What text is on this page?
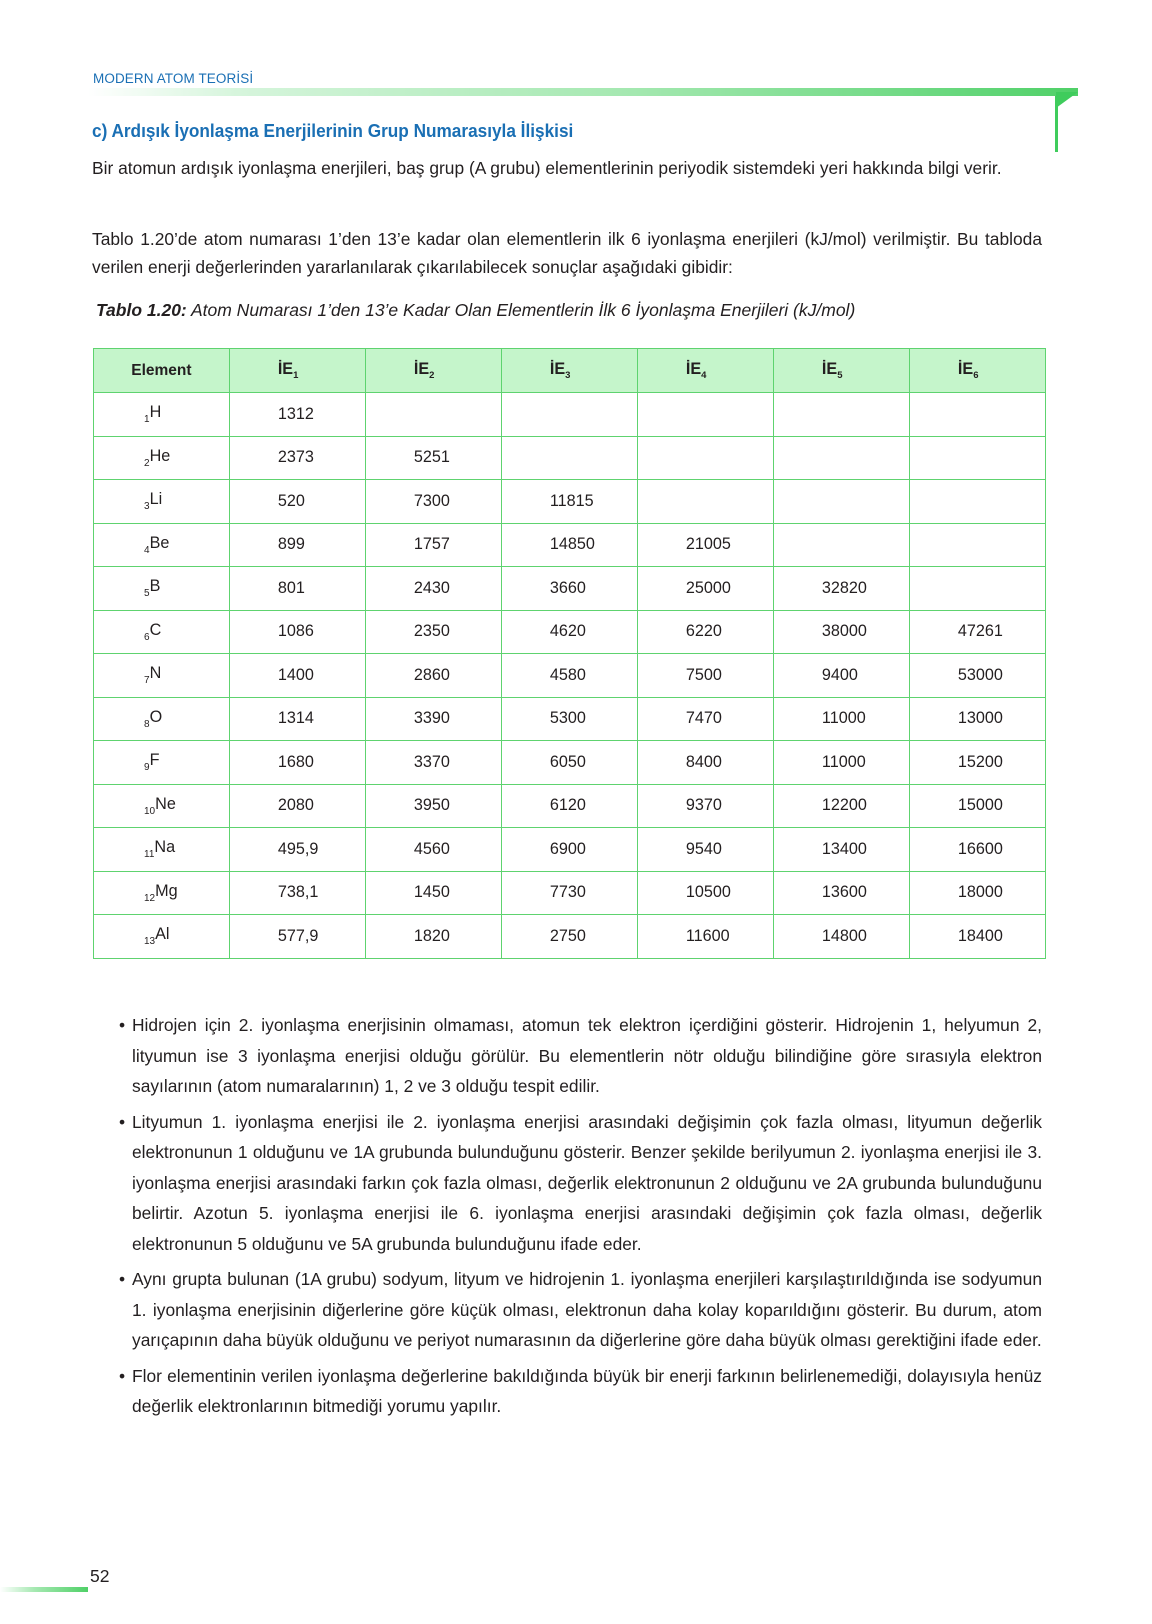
MODERN ATOM TEORİSİ
c) Ardışık İyonlaşma Enerjilerinin Grup Numarasıyla İlişkisi
Bir atomun ardışık iyonlaşma enerjileri, baş grup (A grubu) elementlerinin periyodik sistemdeki yeri hakkında bilgi verir.
Tablo 1.20’de atom numarası 1’den 13’e kadar olan elementlerin ilk 6 iyonlaşma enerjileri (kJ/mol) verilmiştir. Bu tabloda verilen enerji değerlerinden yararlanılarak çıkarılabilecek sonuçlar aşağıdaki gibidir:
Tablo 1.20: Atom Numarası 1’den 13’e Kadar Olan Elementlerin İlk 6 İyonlaşma Enerjileri (kJ/mol)
Element	$İE_1$	$İE_2$	$İE_3$	$İE_4$	$İE_5$	$İE_6$
$_1$H	1312					
$_2$He	2373	5251				
$_3$Li	520	7300	11815			
$_4$Be	899	1757	14850	21005		
$_5$B	801	2430	3660	25000	32820	
$_6$C	1086	2350	4620	6220	38000	47261
$_7$N	1400	2860	4580	7500	9400	53000
$_8$O	1314	3390	5300	7470	11000	13000
$_9$F	1680	3370	6050	8400	11000	15200
$_{10}$Ne	2080	3950	6120	9370	12200	15000
$_{11}$Na	495,9	4560	6900	9540	13400	16600
$_{12}$Mg	738,1	1450	7730	10500	13600	18000
$_{13}$Al	577,9	1820	2750	11600	14800	18400
• Hidrojen için 2. iyonlaşma enerjisinin olmaması, atomun tek elektron içerdiğini gösterir. Hidrojenin 1, helyumun 2, lityumun ise 3 iyonlaşma enerjisi olduğu görülür. Bu elementlerin nötr olduğu bilindiğine göre sırasıyla elektron sayılarının (atom numaralarının) 1, 2 ve 3 olduğu tespit edilir.
• Lityumun 1. iyonlaşma enerjisi ile 2. iyonlaşma enerjisi arasındaki değişimin çok fazla olması, lityumun değerlik elektronunun 1 olduğunu ve 1A grubunda bulunduğunu gösterir. Benzer şekilde berilyumun 2. iyonlaşma enerjisi ile 3. iyonlaşma enerjisi arasındaki farkın çok fazla olması, değerlik elektronunun 2 olduğunu ve 2A grubunda bulunduğunu belirtir. Azotun 5. iyonlaşma enerjisi ile 6. iyonlaşma enerjisi arasındaki değişimin çok fazla olması, değerlik elektronunun 5 olduğunu ve 5A grubunda bulunduğunu ifade eder.
• Aynı grupta bulunan (1A grubu) sodyum, lityum ve hidrojenin 1. iyonlaşma enerjileri karşılaştırıldığında ise sodyumun 1. iyonlaşma enerjisinin diğerlerine göre küçük olması, elektronun daha kolay koparıldığını gösterir. Bu durum, atom yarıçapının daha büyük olduğunu ve periyot numarasının da diğerlerine göre daha büyük olması gerektiğini ifade eder.
• Flor elementinin verilen iyonlaşma değerlerine bakıldığında büyük bir enerji farkının belirlenemediği, dolayısıyla henüz değerlik elektronlarının bitmediği yorumu yapılır.
52
